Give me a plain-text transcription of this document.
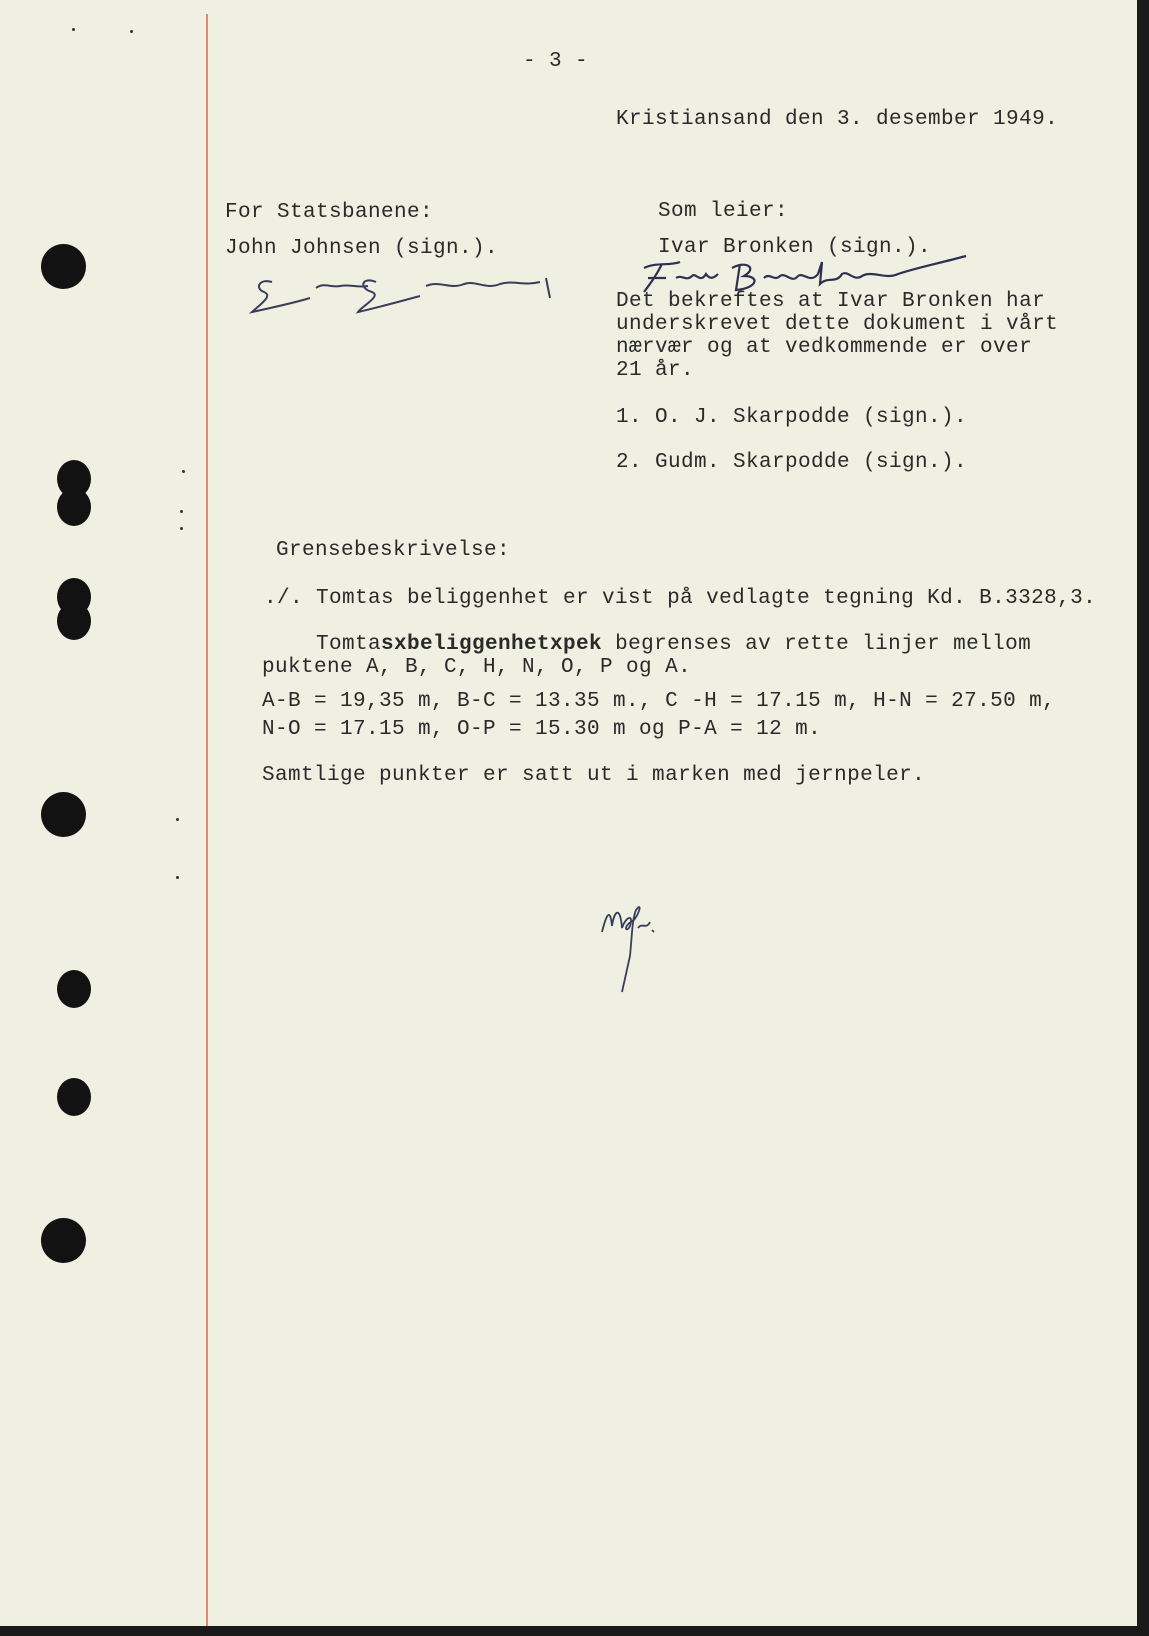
- 3 -
Kristiansand den 3. desember 1949.
For Statsbanene:
John Johnsen (sign.).
Som leier:
Ivar Bronken (sign.).
Det bekreftes at Ivar Bronken har
underskrevet dette dokument i vårt
nærvær og at vedkommende er over
21 år.
1. O. J. Skarpodde (sign.).
2. Gudm. Skarpodde (sign.).
Grensebeskrivelse:
./. Tomtas beliggenhet er vist på vedlagte tegning Kd. B.3328,3.
Tomtasxbeliggenhetxpek begrenses av rette linjer mellom
puktene A, B, C, H, N, O, P og A.
A-B = 19,35 m, B-C = 13.35 m., C -H = 17.15 m, H-N = 27.50 m,
N-O = 17.15 m, O-P = 15.30 m og P-A = 12 m.
Samtlige punkter er satt ut i marken med jernpeler.
